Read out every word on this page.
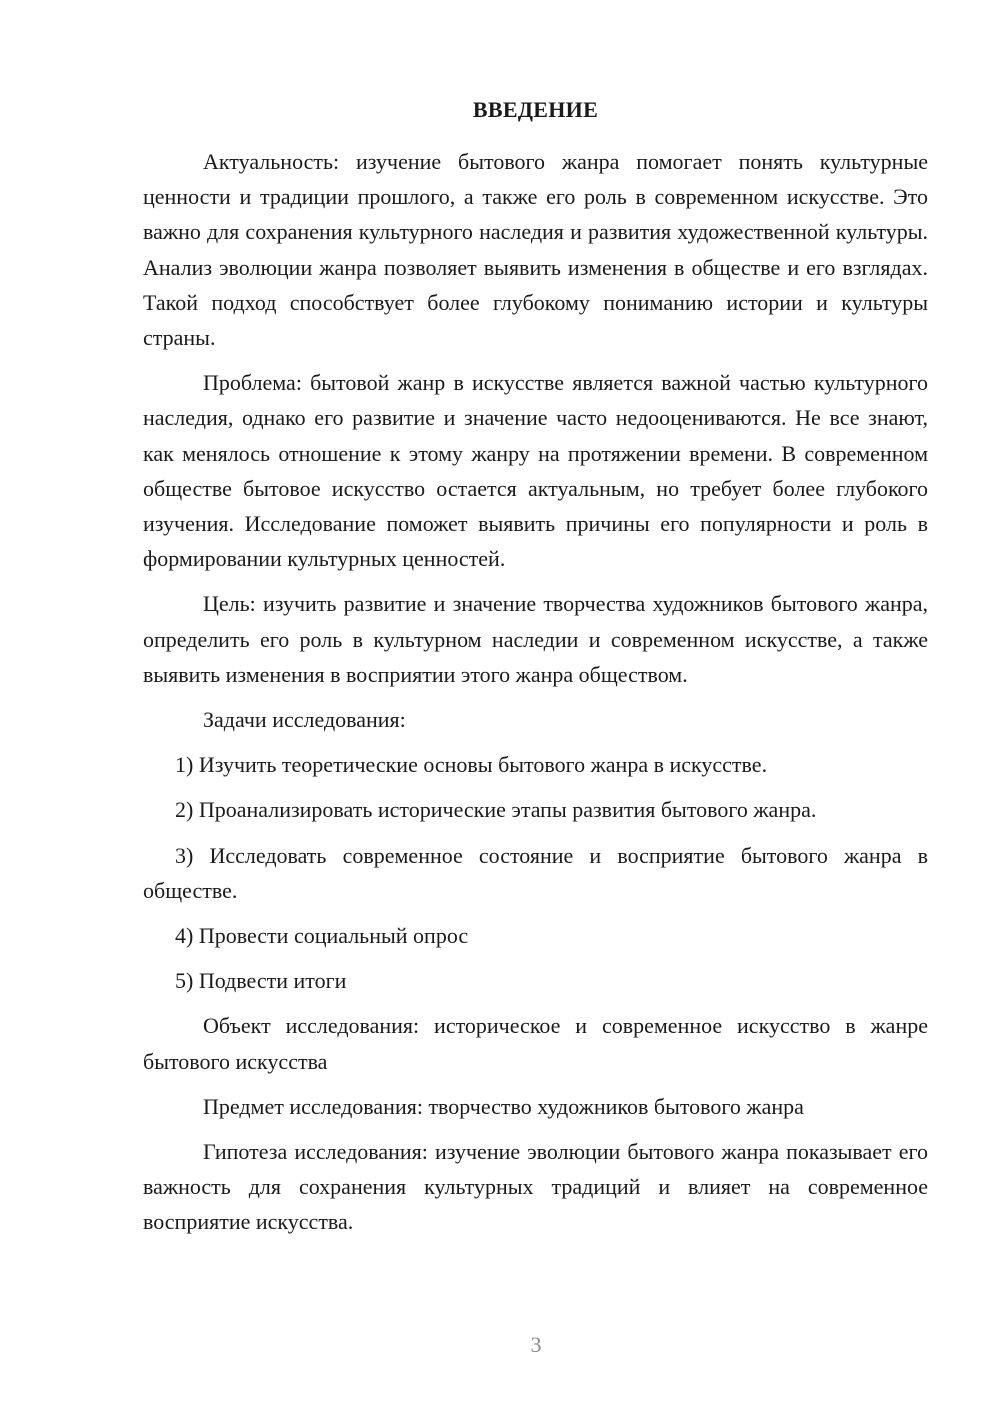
ВВЕДЕНИЕ

Актуальность: изучение бытового жанра помогает понять культурные ценности и традиции прошлого, а также его роль в современном искусстве. Это важно для сохранения культурного наследия и развития художественной культуры. Анализ эволюции жанра позволяет выявить изменения в обществе и его взглядах. Такой подход способствует более глубокому пониманию истории и культуры страны.

Проблема: бытовой жанр в искусстве является важной частью культурного наследия, однако его развитие и значение часто недооцениваются. Не все знают, как менялось отношение к этому жанру на протяжении времени. В современном обществе бытовое искусство остается актуальным, но требует более глубокого изучения. Исследование поможет выявить причины его популярности и роль в формировании культурных ценностей.

Цель: изучить развитие и значение творчества художников бытового жанра, определить его роль в культурном наследии и современном искусстве, а также выявить изменения в восприятии этого жанра обществом.

Задачи исследования:

1) Изучить теоретические основы бытового жанра в искусстве.

2) Проанализировать исторические этапы развития бытового жанра.

3) Исследовать современное состояние и восприятие бытового жанра в обществе.

4) Провести социальный опрос

5) Подвести итоги

Объект исследования: историческое и современное искусство в жанре бытового искусства

Предмет исследования: творчество художников бытового жанра

Гипотеза исследования: изучение эволюции бытового жанра показывает его важность для сохранения культурных традиций и влияет на современное восприятие искусства.

3
